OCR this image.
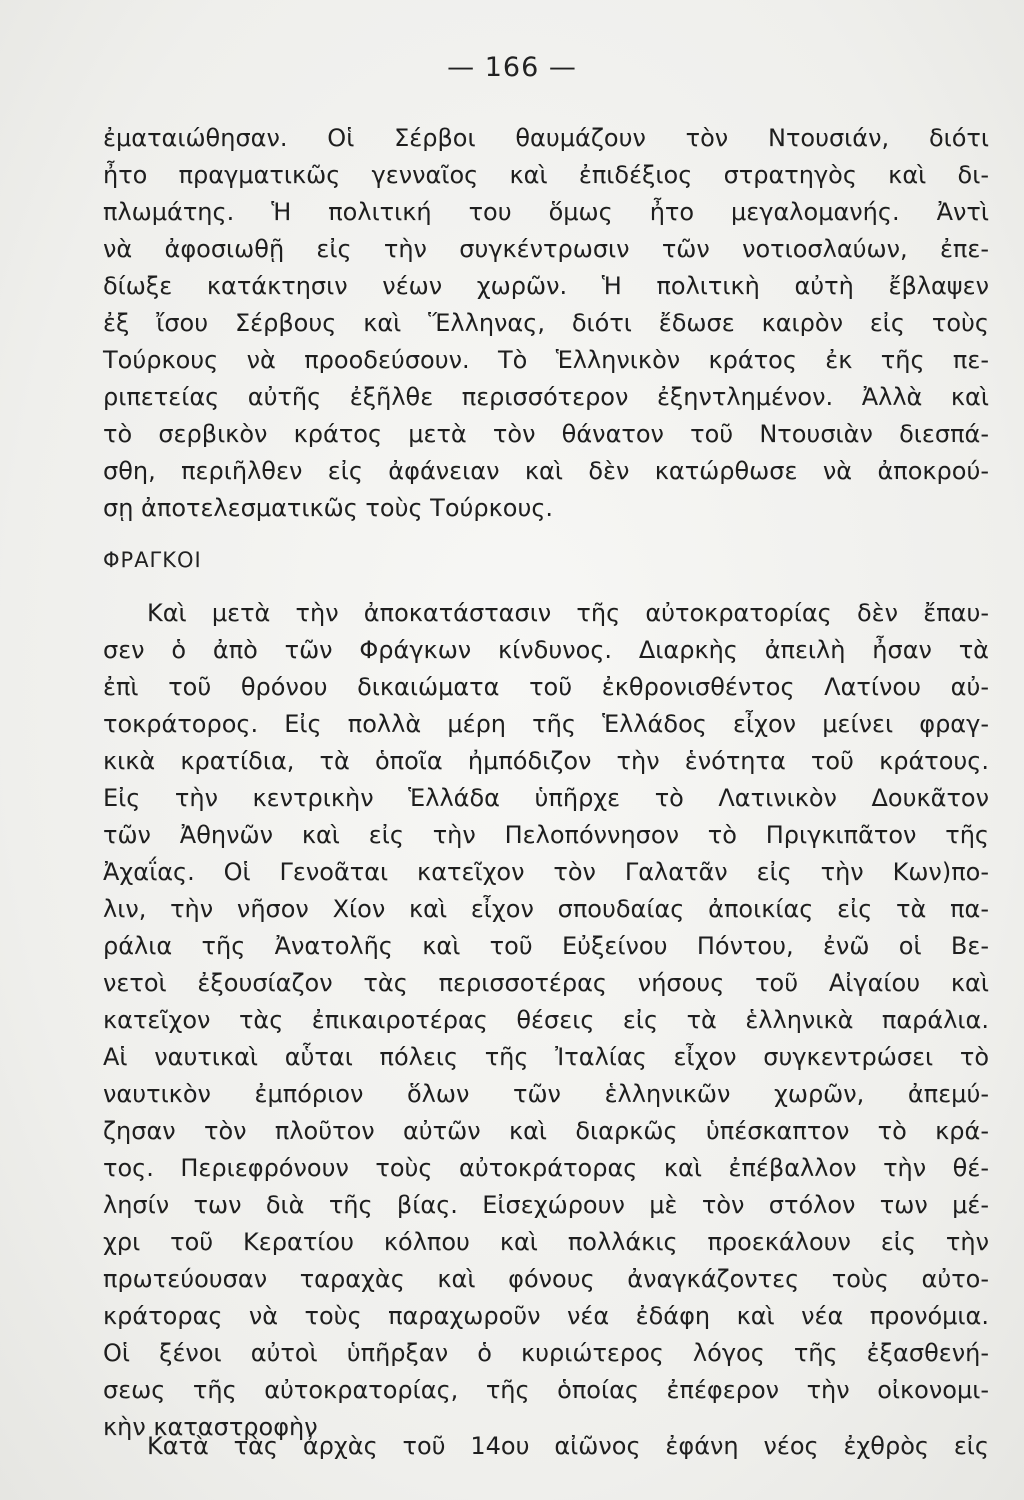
— 166 —
ἐματαιώθησαν. Οἱ Σέρβοι θαυμάζουν τὸν Ντουσιάν, διότι
ἦτο πραγματικῶς γενναῖος καὶ ἐπιδέξιος στρατηγὸς καὶ δι-
πλωμάτης. Ἡ πολιτική του ὅμως ἦτο μεγαλομανής. Ἀντὶ
νὰ ἀφοσιωθῇ εἰς τὴν συγκέντρωσιν τῶν νοτιοσλαύων, ἐπε-
δίωξε κατάκτησιν νέων χωρῶν. Ἡ πολιτικὴ αὐτὴ ἔβλαψεν
ἐξ ἴσου Σέρβους καὶ Ἕλληνας, διότι ἔδωσε καιρὸν εἰς τοὺς
Τούρκους νὰ προοδεύσουν. Τὸ Ἑλληνικὸν κράτος ἐκ τῆς πε-
ριπετείας αὐτῆς ἐξῆλθε περισσότερον ἐξηντλημένον. Ἀλλὰ καὶ
τὸ σερβικὸν κράτος μετὰ τὸν θάνατον τοῦ Ντουσιὰν διεσπά-
σθη, περιῆλθεν εἰς ἀφάνειαν καὶ δὲν κατώρθωσε νὰ ἀποκρού-
σῃ ἀποτελεσματικῶς τοὺς Τούρκους.
ΦΡΑΓΚΟΙ
Καὶ μετὰ τὴν ἀποκατάστασιν τῆς αὐτοκρατορίας δὲν ἔπαυ-
σεν ὁ ἀπὸ τῶν Φράγκων κίνδυνος. Διαρκὴς ἀπειλὴ ἦσαν τὰ
ἐπὶ τοῦ θρόνου δικαιώματα τοῦ ἐκθρονισθέντος Λατίνου αὐ-
τοκράτορος. Εἰς πολλὰ μέρη τῆς Ἑλλάδος εἶχον μείνει φραγ-
κικὰ κρατίδια, τὰ ὁποῖα ἠμπόδιζον τὴν ἑνότητα τοῦ κράτους.
Εἰς τὴν κεντρικὴν Ἑλλάδα ὑπῆρχε τὸ Λατινικὸν Δουκᾶτον
τῶν Ἀθηνῶν καὶ εἰς τὴν Πελοπόννησον τὸ Πριγκιπᾶτον τῆς
Ἀχαΐας. Οἱ Γενοᾶται κατεῖχον τὸν Γαλατᾶν εἰς τὴν Κων)πο-
λιν, τὴν νῆσον Χίον καὶ εἶχον σπουδαίας ἀποικίας εἰς τὰ πα-
ράλια τῆς Ἀνατολῆς καὶ τοῦ Εὐξείνου Πόντου, ἐνῶ οἱ Βε-
νετοὶ ἐξουσίαζον τὰς περισσοτέρας νήσους τοῦ Αἰγαίου καὶ
κατεῖχον τὰς ἐπικαιροτέρας θέσεις εἰς τὰ ἑλληνικὰ παράλια.
Αἱ ναυτικαὶ αὗται πόλεις τῆς Ἰταλίας εἶχον συγκεντρώσει τὸ
ναυτικὸν ἐμπόριον ὅλων τῶν ἑλληνικῶν χωρῶν, ἀπεμύ-
ζησαν τὸν πλοῦτον αὐτῶν καὶ διαρκῶς ὑπέσκαπτον τὸ κρά-
τος. Περιεφρόνουν τοὺς αὐτοκράτορας καὶ ἐπέβαλλον τὴν θέ-
λησίν των διὰ τῆς βίας. Εἰσεχώρουν μὲ τὸν στόλον των μέ-
χρι τοῦ Κερατίου κόλπου καὶ πολλάκις προεκάλουν εἰς τὴν
πρωτεύουσαν ταραχὰς καὶ φόνους ἀναγκάζοντες τοὺς αὐτο-
κράτορας νὰ τοὺς παραχωροῦν νέα ἐδάφη καὶ νέα προνόμια.
Οἱ ξένοι αὐτοὶ ὑπῆρξαν ὁ κυριώτερος λόγος τῆς ἐξασθενή-
σεως τῆς αὐτοκρατορίας, τῆς ὁποίας ἐπέφερον τὴν οἰκονομι-
κὴν καταστροφὴν
Κατὰ τὰς ἀρχὰς τοῦ 14ου αἰῶνος ἐφάνη νέος ἐχθρὸς εἰς
